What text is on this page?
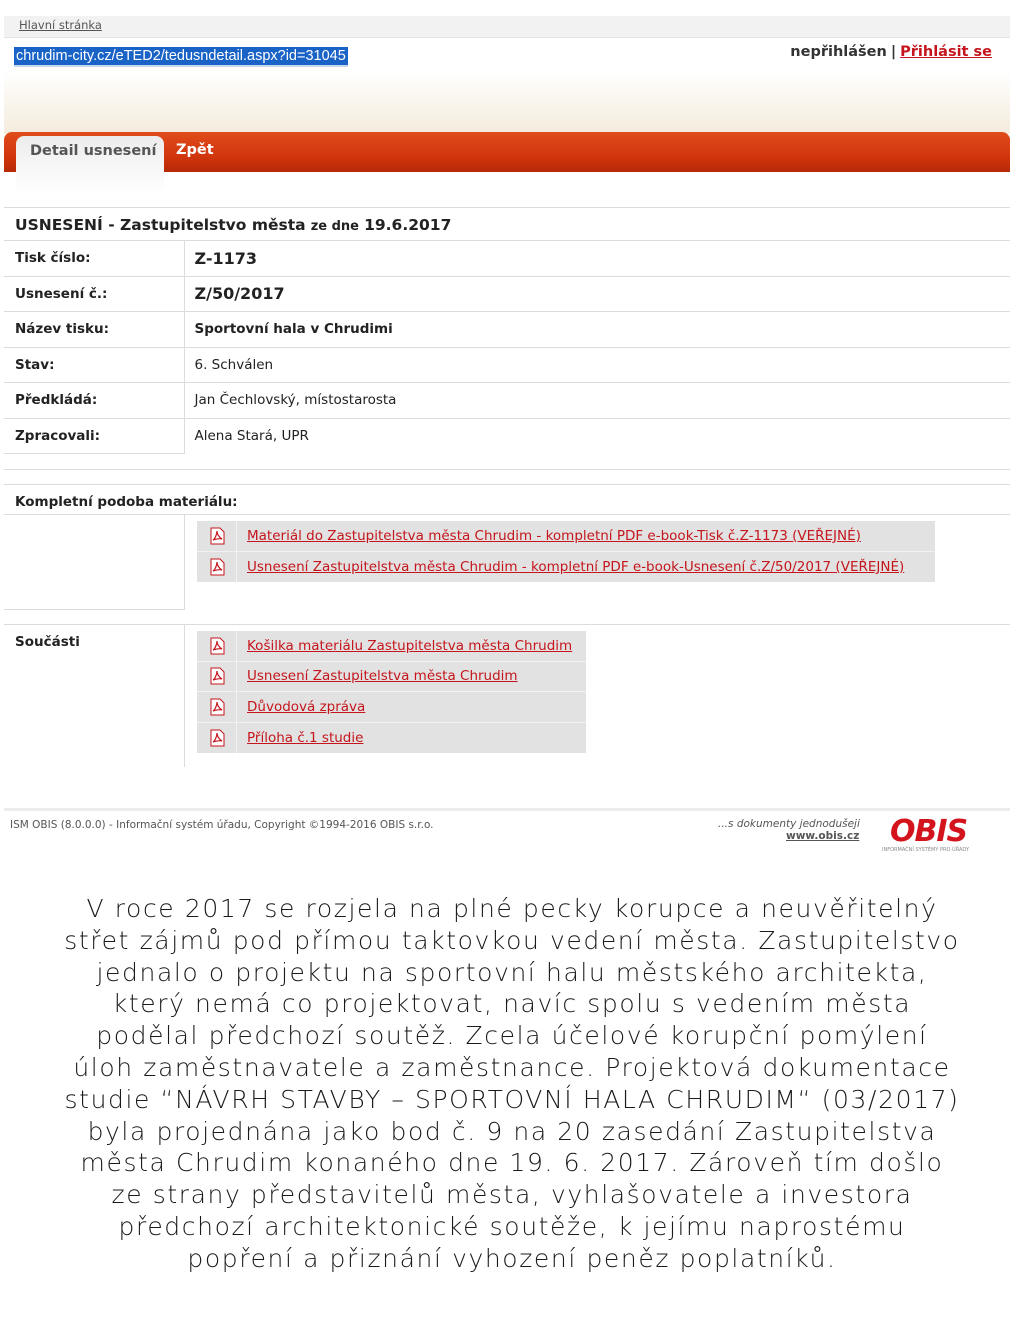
Hlavní stránka
chrudim-city.cz/eTED2/tedusndetail.aspx?id=31045	nepřihlášen | Přihlásit se
Detail usnesení	Zpět
USNESENÍ - Zastupitelstvo města ze dne 19.6.2017
Tisk číslo:	Z-1173
Usnesení č.:	Z/50/2017
Název tisku:	Sportovní hala v Chrudimi
Stav:	6. Schválen
Předkládá:	Jan Čechlovský, místostarosta
Zpracovali:	Alena Stará, UPR
Kompletní podoba materiálu:
Materiál do Zastupitelstva města Chrudim - kompletní PDF e-book-Tisk č.Z-1173 (VEŘEJNÉ)
Usnesení Zastupitelstva města Chrudim - kompletní PDF e-book-Usnesení č.Z/50/2017 (VEŘEJNÉ)
Součásti	Košilka materiálu Zastupitelstva města Chrudim
Usnesení Zastupitelstva města Chrudim
Důvodová zpráva
Příloha č.1 studie
ISM OBIS (8.0.0.0) - Informační systém úřadu, Copyright ©1994-2016 OBIS s.r.o.	...s dokumenty jednodušeji
www.obis.cz OBIS
INFORMAČNÍ SYSTÉMY PRO ÚŘADY
V roce 2017 se rozjela na plné pecky korupce a neuvěřitelný
střet zájmů pod přímou taktovkou vedení města. Zastupitelstvo
jednalo o projektu na sportovní halu městského architekta,
který nemá co projektovat, navíc spolu s vedením města
podělal předchozí soutěž. Zcela účelové korupční pomýlení
úloh zaměstnavatele a zaměstnance. Projektová dokumentace
studie “NÁVRH STAVBY – SPORTOVNÍ HALA CHRUDIM“ (03/2017)
byla projednána jako bod č. 9 na 20 zasedání Zastupitelstva
města Chrudim konaného dne 19. 6. 2017. Zároveň tím došlo
ze strany představitelů města, vyhlašovatele a investora
předchozí architektonické soutěže, k jejímu naprostému
popření a přiznání vyhození peněz poplatníků.
